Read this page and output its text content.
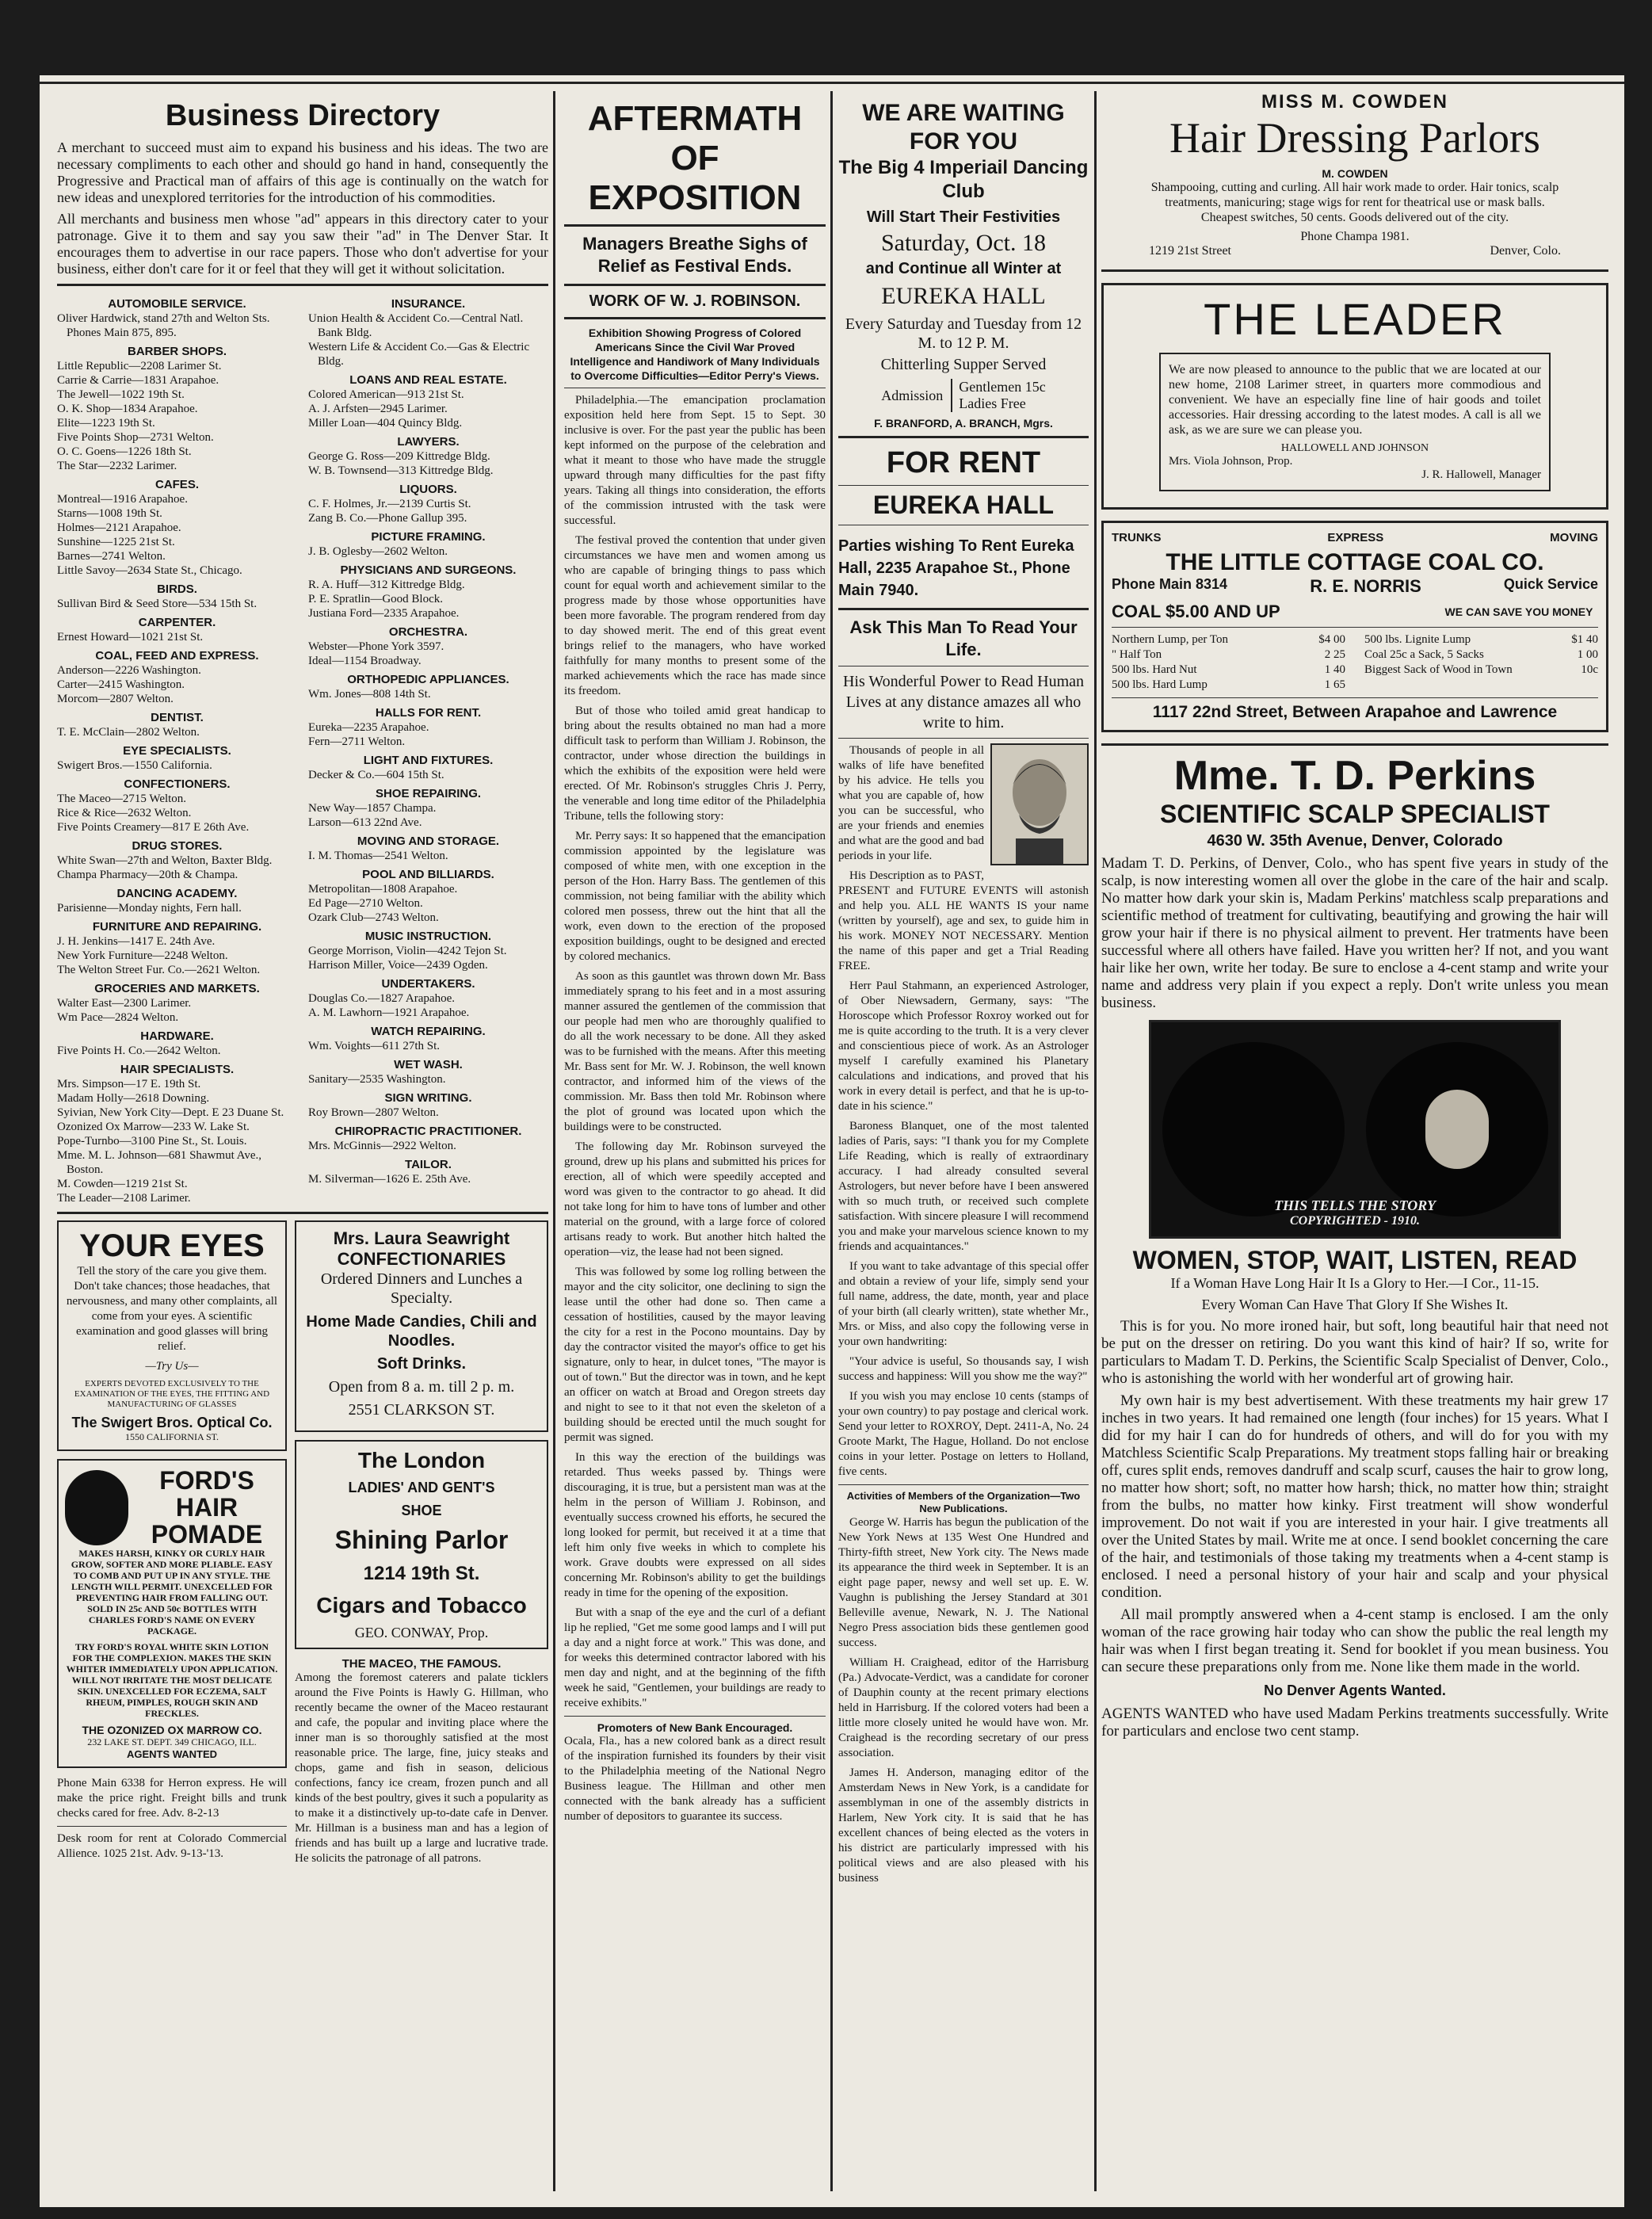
Business Directory

A merchant to succeed must aim to expand his business and his ideas. The two are necessary compliments to each other and should go hand in hand, consequently the Progressive and Practical man of affairs of this age is continually on the watch for new ideas and unexplored territories for the introduction of his commodities.

All merchants and business men whose "ad" appears in this directory cater to your patronage. Give it to them and say you saw their "ad" in The Denver Star. It encourages them to advertise in our race papers. Those who don't advertise for your business, either don't care for it or feel that they will get it without solicitation.

AUTOMOBILE SERVICE.
Oliver Hardwick, stand 27th and Welton Sts. Phones Main 875, 895.
BARBER SHOPS.
Little Republic—2208 Larimer St.
Carrie & Carrie—1831 Arapahoe.
The Jewell—1022 19th St.
O. K. Shop—1834 Arapahoe.
Elite—1223 19th St.
Five Points Shop—2731 Welton.
O. C. Goens—1226 18th St.
The Star—2232 Larimer.
CAFES.
Montreal—1916 Arapahoe.
Starns—1008 19th St.
Holmes—2121 Arapahoe.
Sunshine—1225 21st St.
Barnes—2741 Welton.
Little Savoy—2634 State St., Chicago.
BIRDS.
Sullivan Bird & Seed Store—534 15th St.
CARPENTER.
Ernest Howard—1021 21st St.
COAL, FEED AND EXPRESS.
Anderson—2226 Washington.
Carter—2415 Washington.
Morcom—2807 Welton.
DENTIST.
T. E. McClain—2802 Welton.
EYE SPECIALISTS.
Swigert Bros.—1550 California.
CONFECTIONERS.
The Maceo—2715 Welton.
Rice & Rice—2632 Welton.
Five Points Creamery—817 E 26th Ave.
DRUG STORES.
White Swan—27th and Welton, Baxter Bldg.
Champa Pharmacy—20th & Champa.
DANCING ACADEMY.
Parisienne—Monday nights, Fern hall.
FURNITURE AND REPAIRING.
J. H. Jenkins—1417 E. 24th Ave.
New York Furniture—2248 Welton.
The Welton Street Fur. Co.—2621 Welton.
GROCERIES AND MARKETS.
Walter East—2300 Larimer.
Wm Pace—2824 Welton.
HARDWARE.
Five Points H. Co.—2642 Welton.
HAIR SPECIALISTS.
Mrs. Simpson—17 E. 19th St.
Madam Holly—2618 Downing.
Syivian, New York City—Dept. E 23 Duane St.
Ozonized Ox Marrow—233 W. Lake St.
Pope-Turnbo—3100 Pine St., St. Louis.
Mme. M. L. Johnson—681 Shawmut Ave., Boston.
M. Cowden—1219 21st St.
The Leader—2108 Larimer.
INSURANCE.
Union Health & Accident Co.—Central Natl. Bank Bldg.
Western Life & Accident Co.—Gas & Electric Bldg.
LOANS AND REAL ESTATE.
Colored American—913 21st St.
A. J. Arfsten—2945 Larimer.
Miller Loan—404 Quincy Bldg.
LAWYERS.
George G. Ross—209 Kittredge Bldg.
W. B. Townsend—313 Kittredge Bldg.
LIQUORS.
C. F. Holmes, Jr.—2139 Curtis St.
Zang B. Co.—Phone Gallup 395.
PICTURE FRAMING.
J. B. Oglesby—2602 Welton.
PHYSICIANS AND SURGEONS.
R. A. Huff—312 Kittredge Bldg.
P. E. Spratlin—Good Block.
Justiana Ford—2335 Arapahoe.
ORCHESTRA.
Webster—Phone York 3597.
Ideal—1154 Broadway.
ORTHOPEDIC APPLIANCES.
Wm. Jones—808 14th St.
HALLS FOR RENT.
Eureka—2235 Arapahoe.
Fern—2711 Welton.
LIGHT AND FIXTURES.
Decker & Co.—604 15th St.
SHOE REPAIRING.
New Way—1857 Champa.
Larson—613 22nd Ave.
MOVING AND STORAGE.
I. M. Thomas—2541 Welton.
POOL AND BILLIARDS.
Metropolitan—1808 Arapahoe.
Ed Page—2710 Welton.
Ozark Club—2743 Welton.
MUSIC INSTRUCTION.
George Morrison, Violin—4242 Tejon St.
Harrison Miller, Voice—2439 Ogden.
UNDERTAKERS.
Douglas Co.—1827 Arapahoe.
A. M. Lawhorn—1921 Arapahoe.
WATCH REPAIRING.
Wm. Voights—611 27th St.
WET WASH.
Sanitary—2535 Washington.
SIGN WRITING.
Roy Brown—2807 Welton.
CHIROPRACTIC PRACTITIONER.
Mrs. McGinnis—2922 Welton.
TAILOR.
M. Silverman—1626 E. 25th Ave.
YOUR EYES

Tell the story of the care you give them. Don't take chances; those headaches, that nervousness, and many other complaints, all come from your eyes. A scientific examination and good glasses will bring relief.

—Try Us—

EXPERTS DEVOTED EXCLUSIVELY TO THE EXAMINATION OF THE EYES, THE FITTING AND MANUFACTURING OF GLASSES

The Swigert Bros. Optical Co.
1550 CALIFORNIA ST.
FORD'S HAIR POMADE

MAKES HARSH, KINKY OR CURLY HAIR GROW, SOFTER AND MORE PLIABLE. EASY TO COMB AND PUT UP IN ANY STYLE. THE LENGTH WILL PERMIT. UNEXCELLED FOR PREVENTING HAIR FROM FALLING OUT. SOLD IN 25c AND 50c BOTTLES WITH CHARLES FORD'S NAME ON EVERY PACKAGE.

TRY FORD'S ROYAL WHITE SKIN LOTION FOR THE COMPLEXION. MAKES THE SKIN WHITER IMMEDIATELY UPON APPLICATION. WILL NOT IRRITATE THE MOST DELICATE SKIN. UNEXCELLED FOR ECZEMA, SALT RHEUM, PIMPLES, ROUGH SKIN AND FRECKLES.

THE OZONIZED OX MARROW CO.
232 LAKE ST. DEPT. 349 CHICAGO, ILL.
AGENTS WANTED

Phone Main 6338 for Herron express. He will make the price right. Freight bills and trunk checks cared for free. Adv. 8-2-13

Desk room for rent at Colorado Commercial Allience. 1025 21st. Adv. 9-13-'13.

Mrs. Laura Seawright CONFECTIONARIES

Ordered Dinners and Lunches a Specialty.

Home Made Candies, Chili and Noodles.

Soft Drinks.

Open from 8 a. m. till 2 p. m.

2551 CLARKSON ST.

The London
LADIES' AND GENT'S
SHOE
Shining Parlor
1214 19th St.
Cigars and Tobacco
GEO. CONWAY, Prop.
THE MACEO, THE FAMOUS.

Among the foremost caterers and palate ticklers around the Five Points is Hawly G. Hillman, who recently became the owner of the Maceo restaurant and cafe, the popular and inviting place where the inner man is so thoroughly satisfied at the most reasonable price. The large, fine, juicy steaks and chops, game and fish in season, delicious confections, fancy ice cream, frozen punch and all kinds of the best poultry, gives it such a popularity as to make it a distinctively up-to-date cafe in Denver. Mr. Hillman is a business man and has a legion of friends and has built up a large and lucrative trade. He solicits the patronage of all patrons.

AFTERMATH OF EXPOSITION
Managers Breathe Sighs of Relief as Festival Ends.
WORK OF W. J. ROBINSON.

Exhibition Showing Progress of Colored Americans Since the Civil War Proved Intelligence and Handiwork of Many Individuals to Overcome Difficulties—Editor Perry's Views.

Philadelphia.—The emancipation proclamation exposition held here from Sept. 15 to Sept. 30 inclusive is over. For the past year the public has been kept informed on the purpose of the celebration and what it meant to those who have made the struggle upward through many difficulties for the past fifty years. Taking all things into consideration, the efforts of the commission intrusted with the task were successful.

The festival proved the contention that under given circumstances we have men and women among us who are capable of bringing things to pass which count for equal worth and achievement similar to the progress made by those whose opportunities have been more favorable. The program rendered from day to day showed merit. The end of this great event brings relief to the managers, who have worked faithfully for many months to present some of the marked achievements which the race has made since its freedom.

But of those who toiled amid great handicap to bring about the results obtained no man had a more difficult task to perform than William J. Robinson, the contractor, under whose direction the buildings in which the exhibits of the exposition were held were erected. Of Mr. Robinson's struggles Chris J. Perry, the venerable and long time editor of the Philadelphia Tribune, tells the following story:

Mr. Perry says: It so happened that the emancipation commission appointed by the legislature was composed of white men, with one exception in the person of the Hon. Harry Bass. The gentlemen of this commission, not being familiar with the ability which colored men possess, threw out the hint that all the work, even down to the erection of the proposed exposition buildings, ought to be designed and erected by colored mechanics.

As soon as this gauntlet was thrown down Mr. Bass immediately sprang to his feet and in a most assuring manner assured the gentlemen of the commission that our people had men who are thoroughly qualified to do all the work necessary to be done. All they asked was to be furnished with the means. After this meeting Mr. Bass sent for Mr. W. J. Robinson, the well known contractor, and informed him of the views of the commission. Mr. Bass then told Mr. Robinson where the plot of ground was located upon which the buildings were to be constructed.

The following day Mr. Robinson surveyed the ground, drew up his plans and submitted his prices for erection, all of which were speedily accepted and word was given to the contractor to go ahead. It did not take long for him to have tons of lumber and other material on the ground, with a large force of colored artisans ready to work. But another hitch halted the operation—viz, the lease had not been signed.

This was followed by some log rolling between the mayor and the city solicitor, one declining to sign the lease until the other had done so. Then came a cessation of hostilities, caused by the mayor leaving the city for a rest in the Pocono mountains. Day by day the contractor visited the mayor's office to get his signature, only to hear, in dulcet tones, "The mayor is out of town." But the director was in town, and he kept an officer on watch at Broad and Oregon streets day and night to see to it that not even the skeleton of a building should be erected until the much sought for permit was signed.

In this way the erection of the buildings was retarded. Thus weeks passed by. Things were discouraging, it is true, but a persistent man was at the helm in the person of William J. Robinson, and eventually success crowned his efforts, he secured the long looked for permit, but received it at a time that left him only five weeks in which to complete his work. Grave doubts were expressed on all sides concerning Mr. Robinson's ability to get the buildings ready in time for the opening of the exposition.

But with a snap of the eye and the curl of a defiant lip he replied, "Get me some good lamps and I will put a day and a night force at work." This was done, and for weeks this determined contractor labored with his men day and night, and at the beginning of the fifth week he said, "Gentlemen, your buildings are ready to receive exhibits."

Promoters of New Bank Encouraged.

Ocala, Fla., has a new colored bank as a direct result of the inspiration furnished its founders by their visit to the Philadelphia meeting of the National Negro Business league. The Hillman and other men connected with the bank already has a sufficient number of depositors to guarantee its success.

WE ARE WAITING FOR YOU
The Big 4 Imperiail Dancing Club
Will Start Their Festivities
Saturday, Oct. 18
and Continue all Winter at
EUREKA HALL
Every Saturday and Tuesday from 12 M. to 12 P. M.
Chitterling Supper Served
Admission
Gentlemen 15c
Ladies Free
F. BRANFORD, A. BRANCH, Mgrs.
FOR RENT
EUREKA HALL

Parties wishing To Rent Eureka Hall, 2235 Arapahoe St., Phone Main 7940.

Ask This Man To Read Your Life.

His Wonderful Power to Read Human Lives at any distance amazes all who write to him.

Thousands of people in all walks of life have benefited by his advice. He tells you what you are capable of, how you can be successful, who are your friends and enemies and what are the good and bad periods in your life.

His Description as to PAST, PRESENT and FUTURE EVENTS will astonish and help you. ALL HE WANTS IS your name (written by yourself), age and sex, to guide him in his work. MONEY NOT NECESSARY. Mention the name of this paper and get a Trial Reading FREE.

Herr Paul Stahmann, an experienced Astrologer, of Ober Niewsadern, Germany, says: "The Horoscope which Professor Roxroy worked out for me is quite according to the truth. It is a very clever and conscientious piece of work. As an Astrologer myself I carefully examined his Planetary calculations and indications, and proved that his work in every detail is perfect, and that he is up-to-date in his science."

Baroness Blanquet, one of the most talented ladies of Paris, says: "I thank you for my Complete Life Reading, which is really of extraordinary accuracy. I had already consulted several Astrologers, but never before have I been answered with so much truth, or received such complete satisfaction. With sincere pleasure I will recommend you and make your marvelous science known to my friends and acquaintances."

If you want to take advantage of this special offer and obtain a review of your life, simply send your full name, address, the date, month, year and place of your birth (all clearly written), state whether Mr., Mrs. or Miss, and also copy the following verse in your own handwriting:

"Your advice is useful, So thousands say, I wish success and happiness: Will you show me the way?"

If you wish you may enclose 10 cents (stamps of your own country) to pay postage and clerical work. Send your letter to ROXROY, Dept. 2411-A, No. 24 Groote Markt, The Hague, Holland. Do not enclose coins in your letter. Postage on letters to Holland, five cents.

Activities of Members of the Organization—Two New Publications.

George W. Harris has begun the publication of the New York News at 135 West One Hundred and Thirty-fifth street, New York city. The News made its appearance the third week in September. It is an eight page paper, newsy and well set up. E. W. Vaughn is publishing the Jersey Standard at 301 Belleville avenue, Newark, N. J. The National Negro Press association bids these gentlemen good success.

William H. Craighead, editor of the Harrisburg (Pa.) Advocate-Verdict, was a candidate for coroner of Dauphin county at the recent primary elections held in Harrisburg. If the colored voters had been a little more closely united he would have won. Mr. Craighead is the recording secretary of our press association.

James H. Anderson, managing editor of the Amsterdam News in New York, is a candidate for assemblyman in one of the assembly districts in Harlem, New York city. It is said that he has excellent chances of being elected as the voters in his district are particularly impressed with his political views and are also pleased with his business

MISS M. COWDEN
Hair Dressing Parlors
M. COWDEN

Shampooing, cutting and curling. All hair work made to order. Hair tonics, scalp treatments, manicuring; stage wigs for rent for theatrical use or mask balls. Cheapest switches, 50 cents. Goods delivered out of the city.

Phone Champa 1981.
1219 21st Street	Denver, Colo.
THE LEADER

We are now pleased to announce to the public that we are located at our new home, 2108 Larimer street, in quarters more commodious and convenient. We have an especially fine line of hair goods and toilet accessories. Hair dressing according to the latest modes. A call is all we ask, as we are sure we can please you.

HALLOWELL AND JOHNSON
Mrs. Viola Johnson, Prop.
J. R. Hallowell, Manager
TRUNKS	EXPRESS	MOVING
THE LITTLE COTTAGE COAL CO.
Phone Main 8314	R. E. NORRIS	Quick Service
COAL $5.00 AND UP	WE CAN SAVE YOU MONEY
Northern Lump, per Ton	$4 00
" Half Ton	2 25
500 lbs. Hard Nut	1 40
500 lbs. Hard Lump	1 65
500 lbs. Lignite Lump	$1 40
Coal 25c a Sack, 5 Sacks	1 00
Biggest Sack of Wood in Town	10c
1117 22nd Street, Between Arapahoe and Lawrence
Mme. T. D. Perkins
SCIENTIFIC SCALP SPECIALIST
4630 W. 35th Avenue, Denver, Colorado

Madam T. D. Perkins, of Denver, Colo., who has spent five years in study of the scalp, is now interesting women all over the globe in the care of the hair and scalp. No matter how dark your skin is, Madam Perkins' matchless scalp preparations and scientific method of treatment for cultivating, beautifying and growing the hair will grow your hair if there is no physical ailment to prevent. Her tratments have been successful where all others have failed. Have you written her? If not, and you want hair like her own, write her today. Be sure to enclose a 4-cent stamp and write your name and address very plain if you expect a reply. Don't write unless you mean business.

THIS TELLS THE STORY
COPYRIGHTED - 1910.
WOMEN, STOP, WAIT, LISTEN, READ
If a Woman Have Long Hair It Is a Glory to Her.—I Cor., 11-15.
Every Woman Can Have That Glory If She Wishes It.

This is for you. No more ironed hair, but soft, long beautiful hair that need not be put on the dresser on retiring. Do you want this kind of hair? If so, write for particulars to Madam T. D. Perkins, the Scientific Scalp Specialist of Denver, Colo., who is astonishing the world with her wonderful art of growing hair.

My own hair is my best advertisement. With these treatments my hair grew 17 inches in two years. It had remained one length (four inches) for 15 years. What I did for my hair I can do for hundreds of others, and will do for you with my Matchless Scientific Scalp Preparations. My treatment stops falling hair or breaking off, cures split ends, removes dandruff and scalp scurf, causes the hair to grow long, no matter how short; soft, no matter how harsh; thick, no matter how thin; straight from the bulbs, no matter how kinky. First treatment will show wonderful improvement. Do not wait if you are interested in your hair. I give treatments all over the United States by mail. Write me at once. I send booklet concerning the care of the hair, and testimonials of those taking my treatments when a 4-cent stamp is enclosed. I need a personal history of your hair and scalp and your physical condition.

All mail promptly answered when a 4-cent stamp is enclosed. I am the only woman of the race growing hair today who can show the public the real length my hair was when I first began treating it. Send for booklet if you mean business. You can secure these preparations only from me. None like them made in the world.

No Denver Agents Wanted.

AGENTS WANTED who have used Madam Perkins treatments successfully. Write for particulars and enclose two cent stamp.
